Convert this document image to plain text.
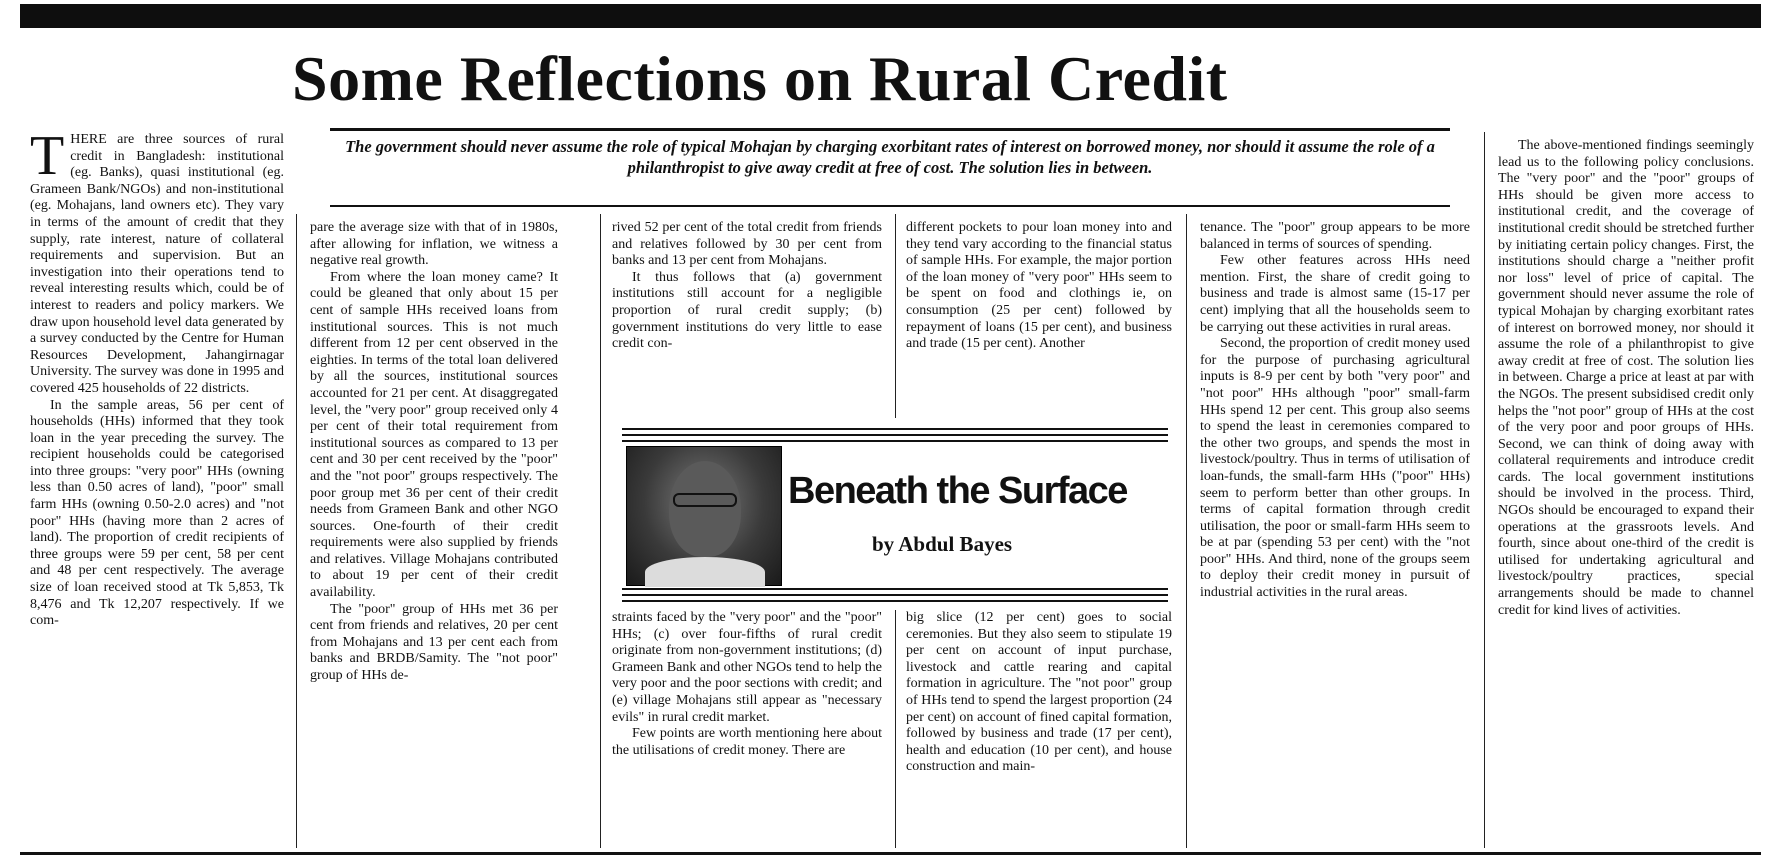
Some Reflections on Rural Credit
The government should never assume the role of typical Mohajan by charging exorbitant rates of interest on borrowed money, nor should it assume the role of a philanthropist to give away credit at free of cost. The solution lies in between.
T HERE are three sources of rural credit in Bangladesh: institutional (eg. Banks), quasi institutional (eg. Grameen Bank/NGOs) and non-institutional (eg. Mohajans, land owners etc). They vary in terms of the amount of credit that they supply, rate interest, nature of collateral requirements and supervision. But an investigation into their operations tend to reveal interesting results which, could be of interest to readers and policy markers. We draw upon household level data generated by a survey conducted by the Centre for Human Resources Development, Jahangirnagar University. The survey was done in 1995 and covered 425 households of 22 districts.

In the sample areas, 56 per cent of households (HHs) informed that they took loan in the year preceding the survey. The recipient households could be categorised into three groups: "very poor" HHs (owning less than 0.50 acres of land), "poor" small farm HHs (owning 0.50-2.0 acres) and "not poor" HHs (having more than 2 acres of land). The proportion of credit recipients of three groups were 59 per cent, 58 per cent and 48 per cent respectively. The average size of loan received stood at Tk 5,853, Tk 8,476 and Tk 12,207 respectively. If we com-

pare the average size with that of in 1980s, after allowing for inflation, we witness a negative real growth.

From where the loan money came? It could be gleaned that only about 15 per cent of sample HHs received loans from institutional sources. This is not much different from 12 per cent observed in the eighties. In terms of the total loan delivered by all the sources, institutional sources accounted for 21 per cent. At disaggregated level, the "very poor" group received only 4 per cent of their total requirement from institutional sources as compared to 13 per cent and 30 per cent received by the "poor" and the "not poor" groups respectively. The poor group met 36 per cent of their credit needs from Grameen Bank and other NGO sources. One-fourth of their credit requirements were also supplied by friends and relatives. Village Mohajans contributed to about 19 per cent of their credit availability.

The "poor" group of HHs met 36 per cent from friends and relatives, 20 per cent from Mohajans and 13 per cent each from banks and BRDB/Samity. The "not poor" group of HHs de-

rived 52 per cent of the total credit from friends and relatives followed by 30 per cent from banks and 13 per cent from Mohajans.

It thus follows that (a) government institutions still account for a negligible proportion of rural credit supply; (b) government institutions do very little to ease credit con-

different pockets to pour loan money into and they tend vary according to the financial status of sample HHs. For example, the major portion of the loan money of "very poor" HHs seem to be spent on food and clothings ie, on consumption (25 per cent) followed by repayment of loans (15 per cent), and business and trade (15 per cent). Another

Beneath the Surface
by Abdul Bayes

straints faced by the "very poor" and the "poor" HHs; (c) over four-fifths of rural credit originate from non-government institutions; (d) Grameen Bank and other NGOs tend to help the very poor and the poor sections with credit; and (e) village Mohajans still appear as "necessary evils" in rural credit market.

Few points are worth mentioning here about the utilisations of credit money. There are

big slice (12 per cent) goes to social ceremonies. But they also seem to stipulate 19 per cent on account of input purchase, livestock and cattle rearing and capital formation in agriculture. The "not poor" group of HHs tend to spend the largest proportion (24 per cent) on account of fined capital formation, followed by business and trade (17 per cent), health and education (10 per cent), and house construction and main-

tenance. The "poor" group appears to be more balanced in terms of sources of spending.

Few other features across HHs need mention. First, the share of credit going to business and trade is almost same (15-17 per cent) implying that all the households seem to be carrying out these activities in rural areas.

Second, the proportion of credit money used for the purpose of purchasing agricultural inputs is 8-9 per cent by both "very poor" and "not poor" HHs although "poor" small-farm HHs spend 12 per cent. This group also seems to spend the least in ceremonies compared to the other two groups, and spends the most in livestock/poultry. Thus in terms of utilisation of loan-funds, the small-farm HHs ("poor" HHs) seem to perform better than other groups. In terms of capital formation through credit utilisation, the poor or small-farm HHs seem to be at par (spending 53 per cent) with the "not poor" HHs. And third, none of the groups seem to deploy their credit money in pursuit of industrial activities in the rural areas.

The above-mentioned findings seemingly lead us to the following policy conclusions. The "very poor" and the "poor" groups of HHs should be given more access to institutional credit, and the coverage of institutional credit should be stretched further by initiating certain policy changes. First, the institutions should charge a "neither profit nor loss" level of price of capital. The government should never assume the role of typical Mohajan by charging exorbitant rates of interest on borrowed money, nor should it assume the role of a philanthropist to give away credit at free of cost. The solution lies in between. Charge a price at least at par with the NGOs. The present subsidised credit only helps the "not poor" group of HHs at the cost of the very poor and poor groups of HHs. Second, we can think of doing away with collateral requirements and introduce credit cards. The local government institutions should be involved in the process. Third, NGOs should be encouraged to expand their operations at the grassroots levels. And fourth, since about one-third of the credit is utilised for undertaking agricultural and livestock/poultry practices, special arrangements should be made to channel credit for kind lives of activities.
